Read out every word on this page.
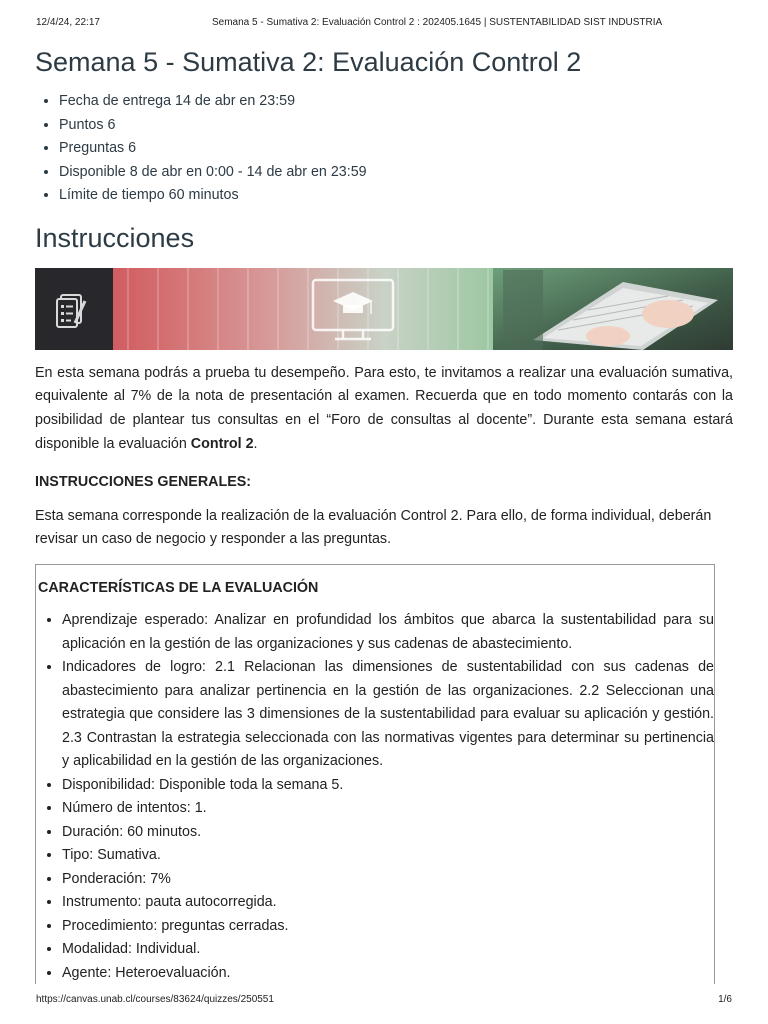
12/4/24, 22:17	Semana 5 - Sumativa 2: Evaluación Control 2 : 202405.1645 | SUSTENTABILIDAD SIST INDUSTRIA
Semana 5 - Sumativa 2: Evaluación Control 2
• Fecha de entrega 14 de abr en 23:59
• Puntos 6
• Preguntas 6
• Disponible 8 de abr en 0:00 - 14 de abr en 23:59
• Límite de tiempo 60 minutos
Instrucciones

En esta semana podrás a prueba tu desempeño. Para esto, te invitamos a realizar una evaluación sumativa, equivalente al 7% de la nota de presentación al examen. Recuerda que en todo momento contarás con la posibilidad de plantear tus consultas en el “Foro de consultas al docente”. Durante esta semana estará disponible la evaluación Control 2.

INSTRUCCIONES GENERALES:

Esta semana corresponde la realización de la evaluación Control 2. Para ello, de forma individual, deberán revisar un caso de negocio y responder a las preguntas.

CARACTERÍSTICAS DE LA EVALUACIÓN
• Aprendizaje esperado: Analizar en profundidad los ámbitos que abarca la sustentabilidad para su aplicación en la gestión de las organizaciones y sus cadenas de abastecimiento.
• Indicadores de logro: 2.1 Relacionan las dimensiones de sustentabilidad con sus cadenas de abastecimiento para analizar pertinencia en la gestión de las organizaciones. 2.2 Seleccionan una estrategia que considere las 3 dimensiones de la sustentabilidad para evaluar su aplicación y gestión. 2.3 Contrastan la estrategia seleccionada con las normativas vigentes para determinar su pertinencia y aplicabilidad en la gestión de las organizaciones.
• Disponibilidad: Disponible toda la semana 5.
• Número de intentos: 1.
• Duración: 60 minutos.
• Tipo: Sumativa.
• Ponderación: 7%
• Instrumento: pauta autocorregida.
• Procedimiento: preguntas cerradas.
• Modalidad: Individual.
• Agente: Heteroevaluación.
https://canvas.unab.cl/courses/83624/quizzes/250551	1/6
